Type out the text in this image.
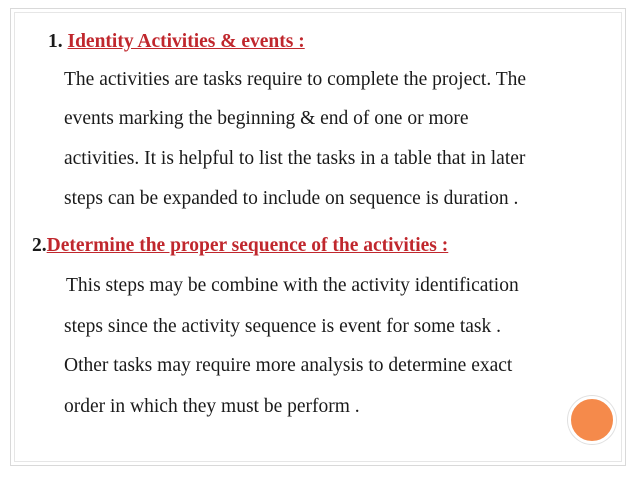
1. Identity Activities & events :
The activities are tasks require to complete the project. The
events marking the beginning & end of one or more
activities. It is helpful to list the tasks in a table that in later
steps can be expanded to include on sequence is duration .
2.Determine the proper sequence of the activities :
This steps may be combine with the activity identification
steps since the activity sequence is event for some task .
Other tasks may require more analysis to determine exact
order in which they must be perform .
